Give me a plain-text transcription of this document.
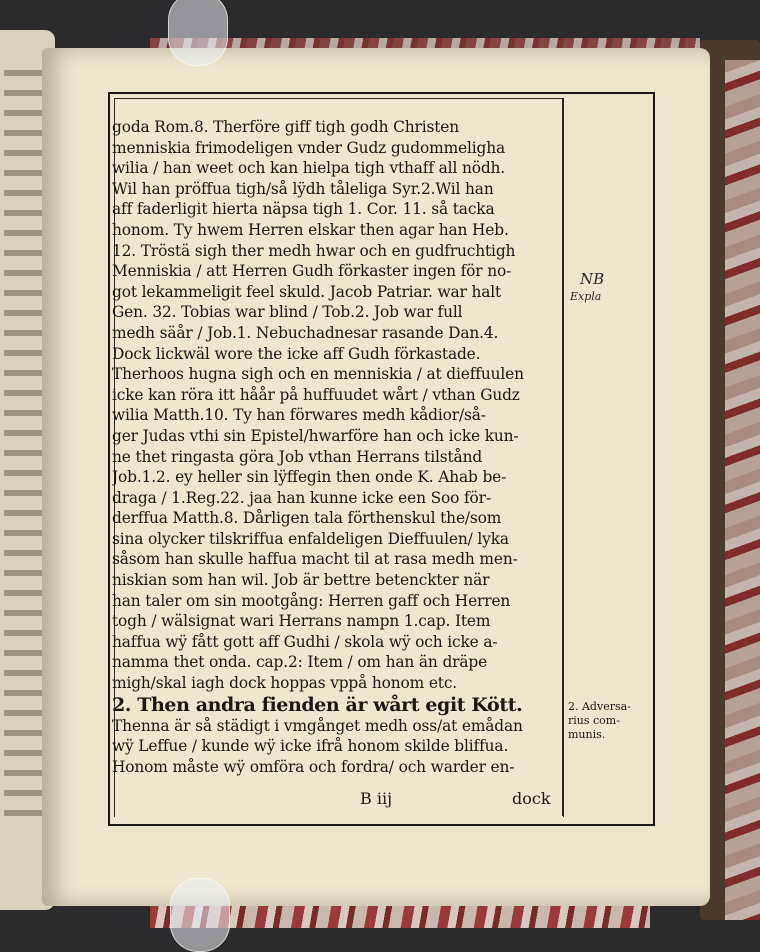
goda Rom.8. Therföre giff tigh godh Christen
menniskia frimodeligen vnder Gudz gudommeligha
wilia / han weet och kan hielpa tigh vthaff all nödh.
Wil han pröffua tigh/så lÿdh tåleliga Syr.2.Wil han
aff faderligit hierta näpsa tigh 1. Cor. 11. så tacka
honom. Ty hwem Herren elskar then agar han Heb.
12. Tröstä sigh ther medh hwar och en gudfruchtigh
Menniskia / att Herren Gudh förkaster ingen för no-
got lekammeligit feel skuld. Jacob Patriar. war halt
Gen. 32. Tobias war blind / Tob.2. Job war full
medh säår / Job.1. Nebuchadnesar rasande Dan.4.
Dock lickwäl wore the icke aff Gudh förkastade.
Therhoos hugna sigh och en menniskia / at dieffuulen
icke kan röra itt håår på huffuudet wårt / vthan Gudz
wilia Matth.10. Ty han förwares medh kådior/så-
ger Judas vthi sin Epistel/hwarföre han och icke kun-
ne thet ringasta göra Job vthan Herrans tilstånd
Job.1.2. ey heller sin lÿffegin then onde K. Ahab be-
draga / 1.Reg.22. jaa han kunne icke een Soo för-
derffua Matth.8. Dårligen tala förthenskul the/som
sina olycker tilskriffua enfaldeligen Dieffuulen/ lyka
såsom han skulle haffua macht til at rasa medh men-
niskian som han wil. Job är bettre betenckter när
han taler om sin mootgång: Herren gaff och Herren
togh / wälsignat wari Herrans nampn 1.cap. Item
haffua wÿ fått gott aff Gudhi / skola wÿ och icke a-
namma thet onda. cap.2: Item / om han än dräpe
migh/skal iagh dock hoppas vppå honom etc.
2. Then andra fienden är wårt egit Kött.
Thenna är så städigt i vmgånget medh oss/at emådan
wÿ Leffue / kunde wÿ icke ifrå honom skilde bliffua.
Honom måste wÿ omföra och fordra/ och warder en-
B iij	dock
2. Adversa-
rius com-
munis.
NB
Expla
